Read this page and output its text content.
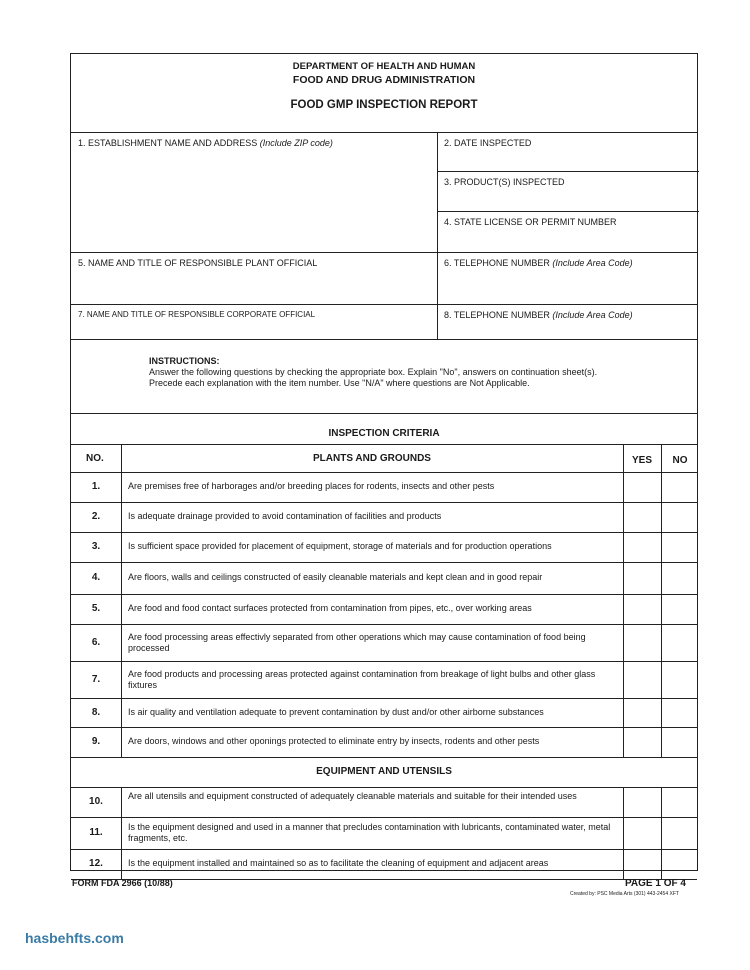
DEPARTMENT OF HEALTH AND HUMAN
FOOD AND DRUG ADMINISTRATION
FOOD GMP INSPECTION REPORT
1. ESTABLISHMENT NAME AND ADDRESS (Include ZIP code)	2. DATE INSPECTED
3. PRODUCT(S) INSPECTED
4. STATE LICENSE OR PERMIT NUMBER
5. NAME AND TITLE OF RESPONSIBLE PLANT OFFICIAL	6. TELEPHONE NUMBER (Include Area Code)
7. NAME AND TITLE OF RESPONSIBLE CORPORATE OFFICIAL	8. TELEPHONE NUMBER (Include Area Code)
INSTRUCTIONS:
Answer the following questions by checking the appropriate box. Explain "No", answers on continuation sheet(s).
Precede each explanation with the item number. Use "N/A" where questions are Not Applicable.
INSPECTION CRITERIA
NO.	PLANTS AND GROUNDS	YES	NO
1.	Are premises free of harborages and/or breeding places for rodents, insects and other pests
2.	Is adequate drainage provided to avoid contamination of facilities and products
3.	Is sufficient space provided for placement of equipment, storage of materials and for production operations
4.	Are floors, walls and ceilings constructed of easily cleanable materials and kept clean and in good repair
5.	Are food and food contact surfaces protected from contamination from pipes, etc., over working areas
6.	Are food processing areas effectivly separated from other operations which may cause contamination of food being processed
7.	Are food products and processing areas protected against contamination from breakage of light bulbs and other glass fixtures
8.	Is air quality and ventilation adequate to prevent contamination by dust and/or other airborne substances
9.	Are doors, windows and other oponings protected to eliminate entry by insects, rodents and other pests
EQUIPMENT AND UTENSILS
10.	Are all utensils and equipment constructed of adequately cleanable materials and suitable for their intended uses
11.	Is the equipment designed and used in a manner that precludes contamination with lubricants, contaminated water, metal fragments, etc.
12.	Is the equipment installed and maintained so as to facilitate the cleaning of equipment and adjacent areas
FORM FDA 2966 (10/88)	PAGE 1 OF 4
Created by: PSC Media Arts (301) 443-2454 XFT
hasbehfts.com
